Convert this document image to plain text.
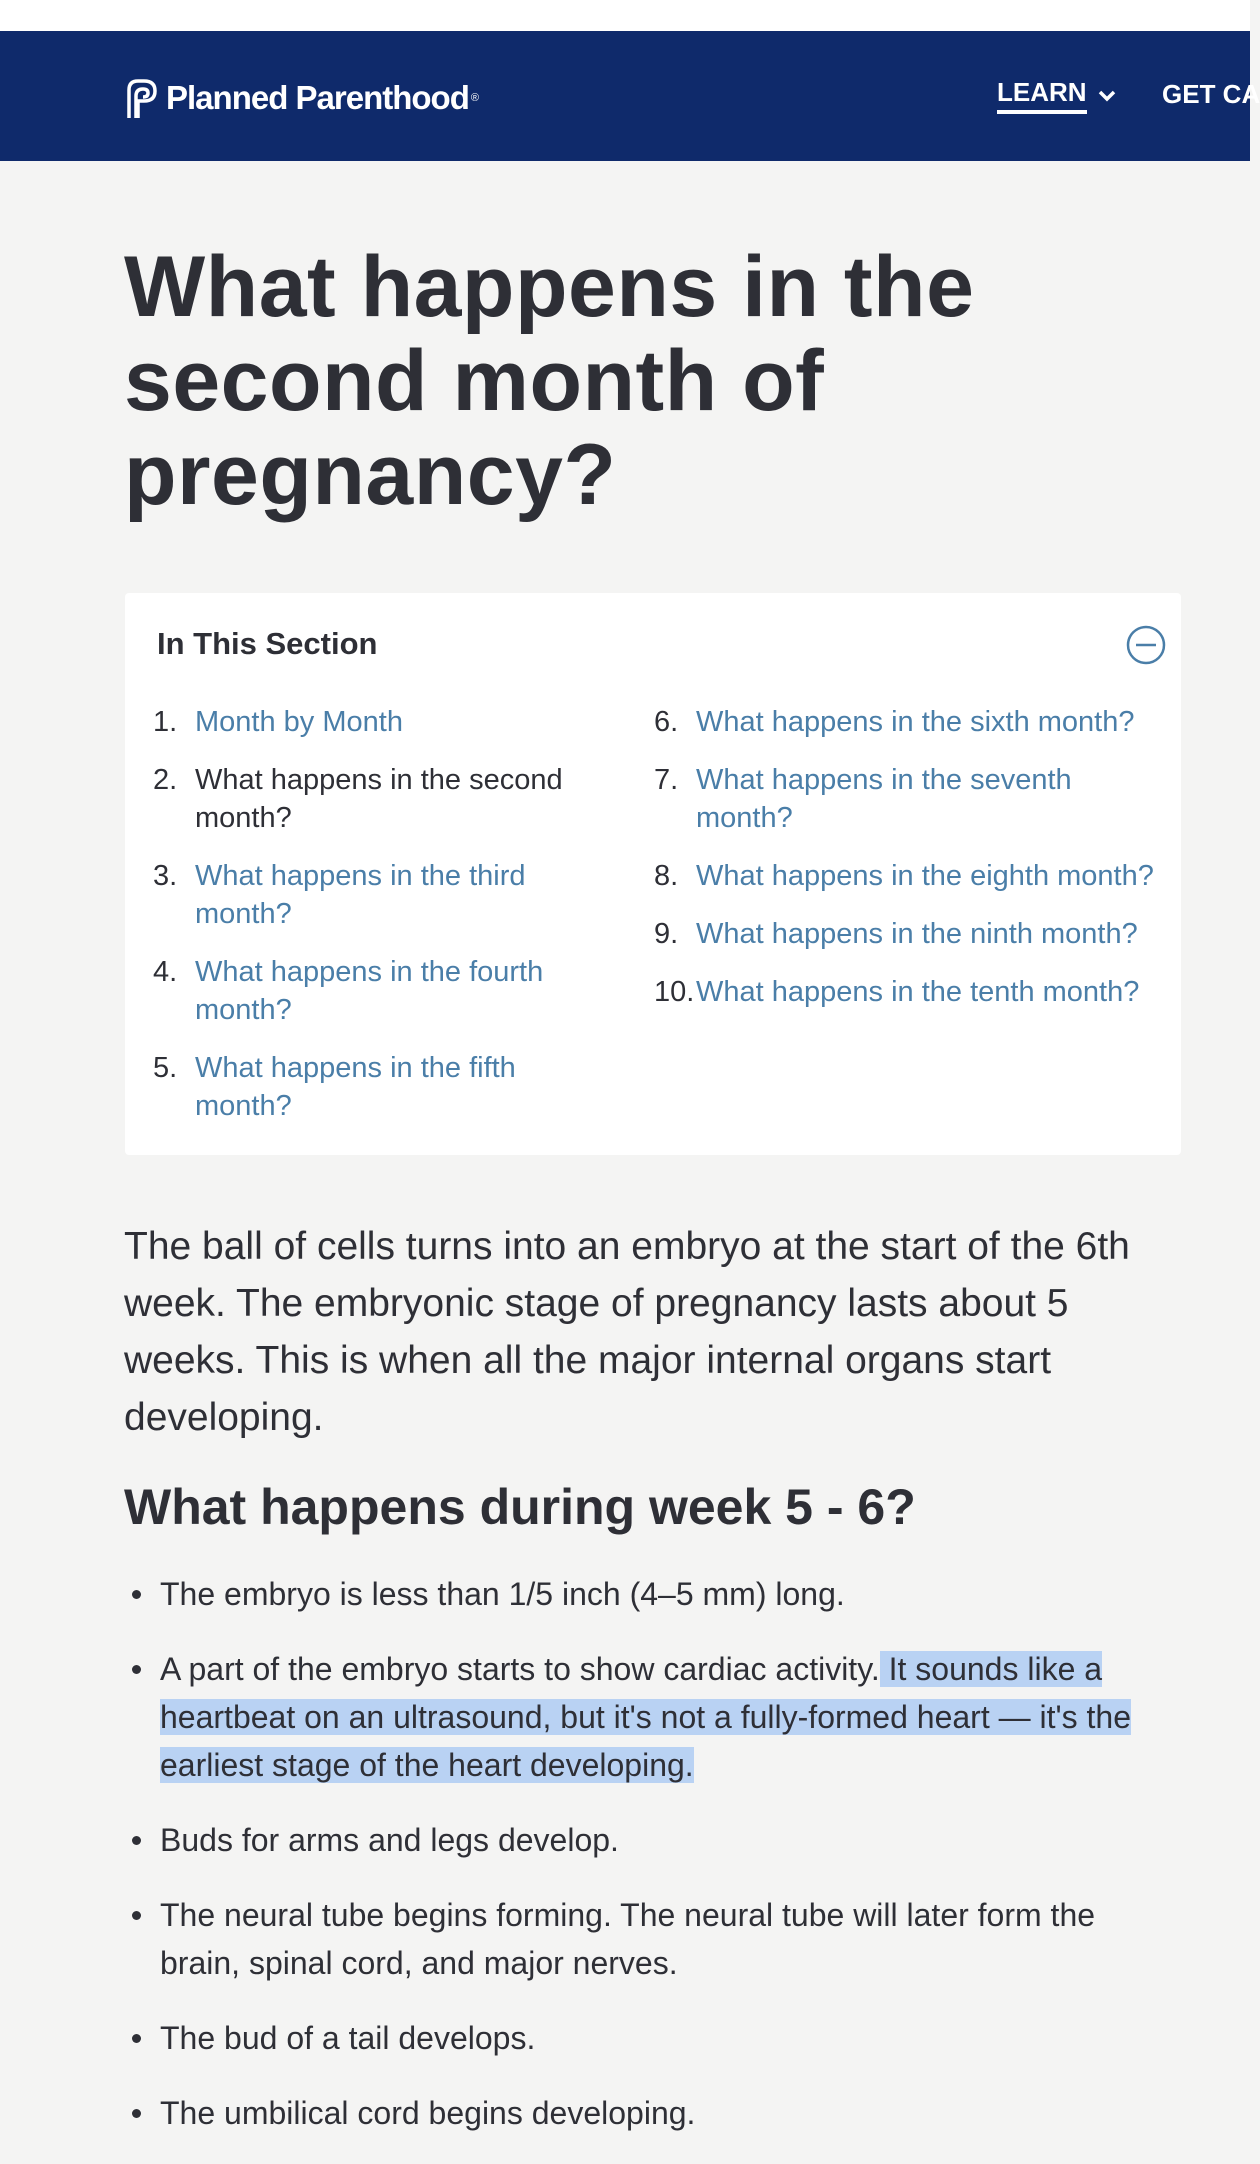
Planned Parenthood ®	LEARN	GET CA
What happens in the second month of pregnancy?
In This Section
1. Month by Month
2. What happens in the second month?
3. What happens in the third month?
4. What happens in the fourth month?
5. What happens in the fifth month?
6. What happens in the sixth month?
7. What happens in the seventh month?
8. What happens in the eighth month?
9. What happens in the ninth month?
10. What happens in the tenth month?

The ball of cells turns into an embryo at the start of the 6th week. The embryonic stage of pregnancy lasts about 5 weeks. This is when all the major internal organs start developing.

What happens during week 5 - 6?
The embryo is less than 1/5 inch (4–5 mm) long.
A part of the embryo starts to show cardiac activity. It sounds like a heartbeat on an ultrasound, but it's not a fully-formed heart — it's the earliest stage of the heart developing.
Buds for arms and legs develop.
The neural tube begins forming. The neural tube will later form the brain, spinal cord, and major nerves.
The bud of a tail develops.
The umbilical cord begins developing.
